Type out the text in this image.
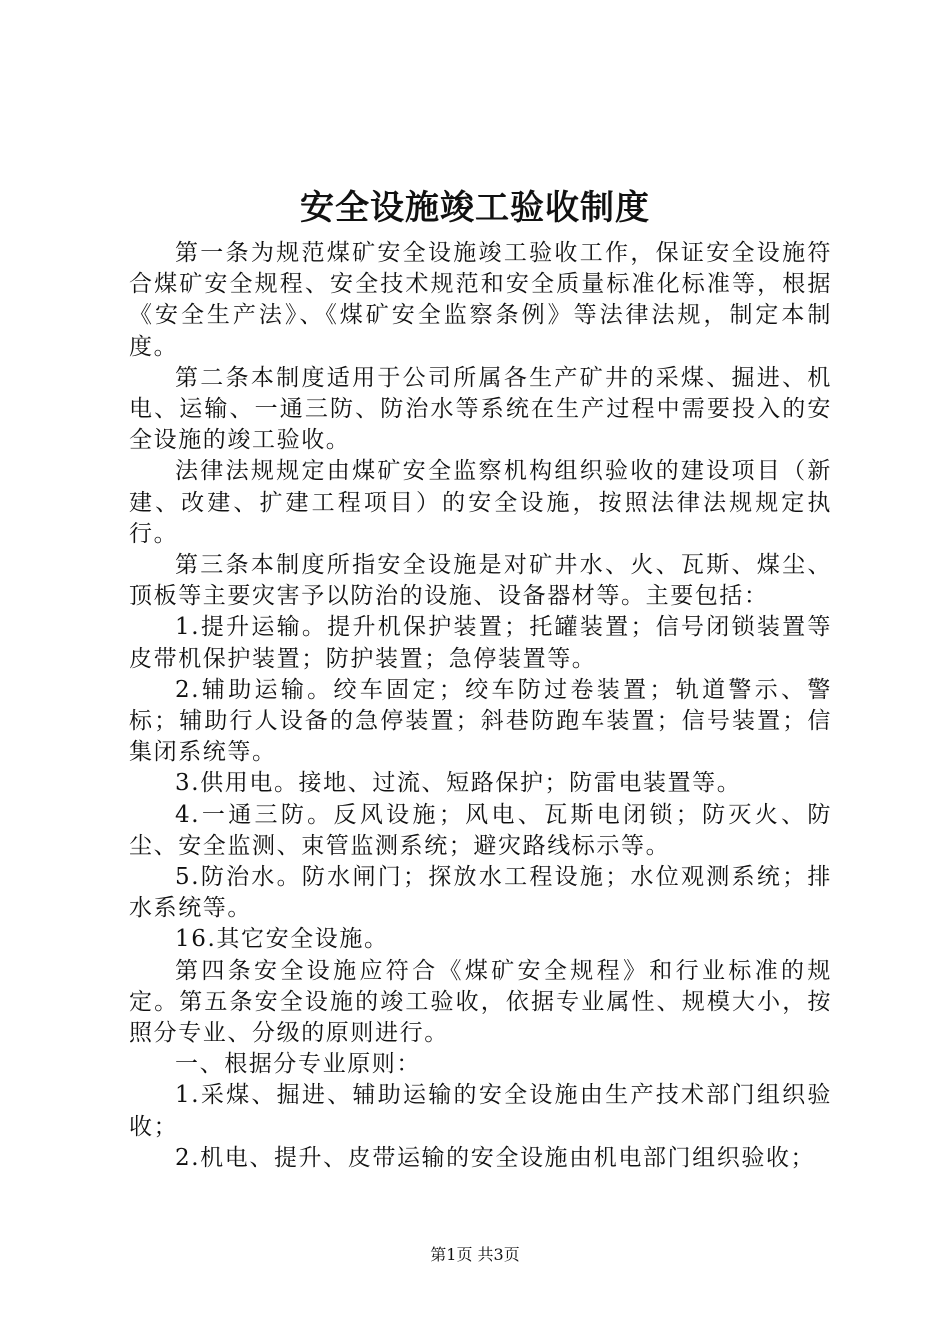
安全设施竣工验收制度

第一条为规范煤矿安全设施竣工验收工作，保证安全设施符合煤矿安全规程、安全技术规范和安全质量标准化标准等，根据《安全生产法》、《煤矿安全监察条例》等法律法规，制定本制度。

第二条本制度适用于公司所属各生产矿井的采煤、掘进、机电、运输、一通三防、防治水等系统在生产过程中需要投入的安全设施的竣工验收。

法律法规规定由煤矿安全监察机构组织验收的建设项目（新建、改建、扩建工程项目）的安全设施，按照法律法规规定执行。

第三条本制度所指安全设施是对矿井水、火、瓦斯、煤尘、顶板等主要灾害予以防治的设施、设备器材等。主要包括：

1.提升运输。提升机保护装置；托罐装置；信号闭锁装置等皮带机保护装置；防护装置；急停装置等。

2.辅助运输。绞车固定；绞车防过卷装置；轨道警示、警标；辅助行人设备的急停装置；斜巷防跑车装置；信号装置；信集闭系统等。

3.供用电。接地、过流、短路保护；防雷电装置等。

4.一通三防。反风设施；风电、瓦斯电闭锁；防灭火、防尘、安全监测、束管监测系统；避灾路线标示等。

5.防治水。防水闸门；探放水工程设施；水位观测系统；排水系统等。

16.其它安全设施。

第四条安全设施应符合《煤矿安全规程》和行业标准的规定。第五条安全设施的竣工验收，依据专业属性、规模大小，按照分专业、分级的原则进行。

一、根据分专业原则：

1.采煤、掘进、辅助运输的安全设施由生产技术部门组织验收；

2.机电、提升、皮带运输的安全设施由机电部门组织验收；

第1页 共3页
